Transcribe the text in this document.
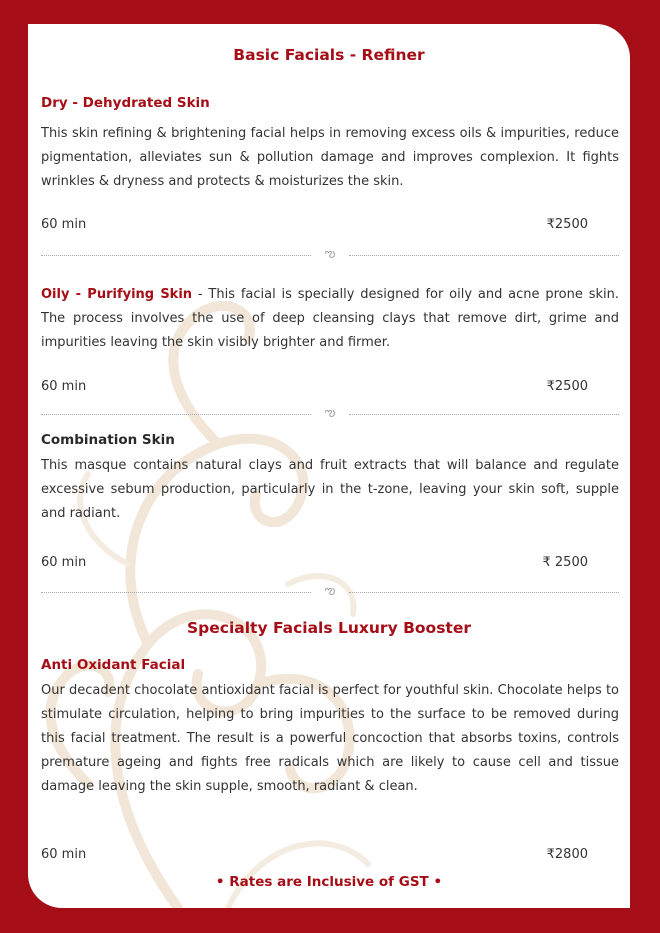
Basic Facials - Refiner
Dry - Dehydrated Skin
This skin refining & brightening facial helps in removing excess oils & impurities, reduce pigmentation, alleviates sun & pollution damage and improves complexion. It fights wrinkles & dryness and protects & moisturizes the skin.
60 min	₹2500
ఌ
Oily - Purifying Skin - This facial is specially designed for oily and acne prone skin. The process involves the use of deep cleansing clays that remove dirt, grime and impurities leaving the skin visibly brighter and firmer.
60 min	₹2500
ఌ
Combination Skin
This masque contains natural clays and fruit extracts that will balance and regulate excessive sebum production, particularly in the t-zone, leaving your skin soft, supple and radiant.
60 min	₹ 2500
ఌ
Specialty Facials Luxury Booster
Anti Oxidant Facial
Our decadent chocolate antioxidant facial is perfect for youthful skin. Chocolate helps to stimulate circulation, helping to bring impurities to the surface to be removed during this facial treatment. The result is a powerful concoction that absorbs toxins, controls premature ageing and fights free radicals which are likely to cause cell and tissue damage leaving the skin supple, smooth, radiant & clean.
60 min	₹2800
• Rates are Inclusive of GST •
